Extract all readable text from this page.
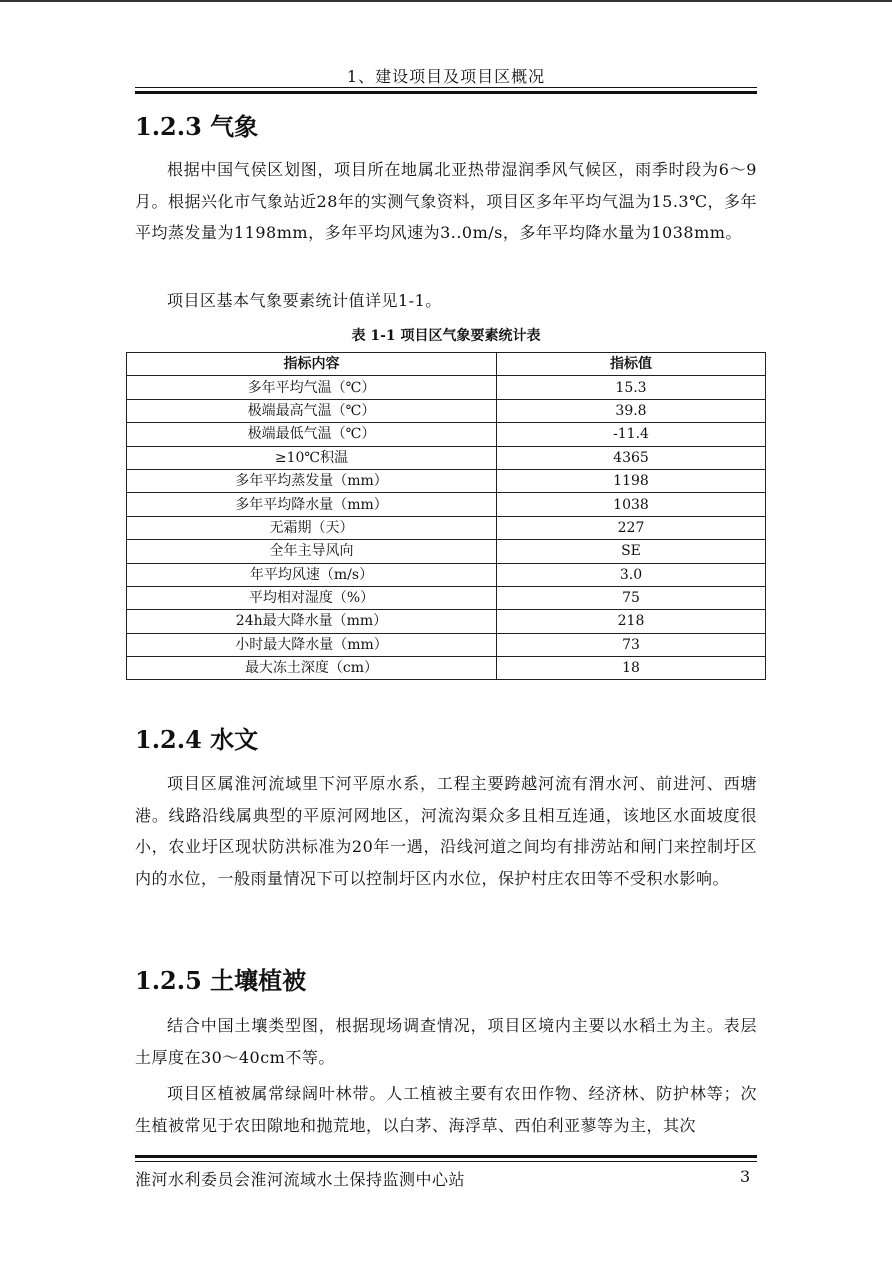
1、建设项目及项目区概况
1.2.3 气象

根据中国气侯区划图，项目所在地属北亚热带湿润季风气候区，雨季时段为6～9月。根据兴化市气象站近28年的实测气象资料，项目区多年平均气温为15.3℃，多年平均蒸发量为1198mm，多年平均风速为3..0m/s，多年平均降水量为1038mm。

项目区基本气象要素统计值详见1-1。

表 1-1 项目区气象要素统计表
指标内容	指标值
多年平均气温（℃）	15.3
极端最高气温（℃）	39.8
极端最低气温（℃）	-11.4
≥10℃积温	4365
多年平均蒸发量（mm）	1198
多年平均降水量（mm）	1038
无霜期（天）	227
全年主导风向	SE
年平均风速（m/s）	3.0
平均相对湿度（%）	75
24h最大降水量（mm）	218
小时最大降水量（mm）	73
最大冻土深度（cm）	18
1.2.4 水文

项目区属淮河流域里下河平原水系，工程主要跨越河流有渭水河、前进河、西塘港。线路沿线属典型的平原河网地区，河流沟渠众多且相互连通，该地区水面坡度很小，农业圩区现状防洪标准为20年一遇，沿线河道之间均有排涝站和闸门来控制圩区内的水位，一般雨量情况下可以控制圩区内水位，保护村庄农田等不受积水影响。

1.2.5 土壤植被

结合中国土壤类型图，根据现场调查情况，项目区境内主要以水稻土为主。表层土厚度在30～40cm不等。

项目区植被属常绿阔叶林带。人工植被主要有农田作物、经济林、防护林等；次生植被常见于农田隙地和抛荒地，以白茅、海浮草、西伯利亚蓼等为主，其次

淮河水利委员会淮河流域水土保持监测中心站	3
